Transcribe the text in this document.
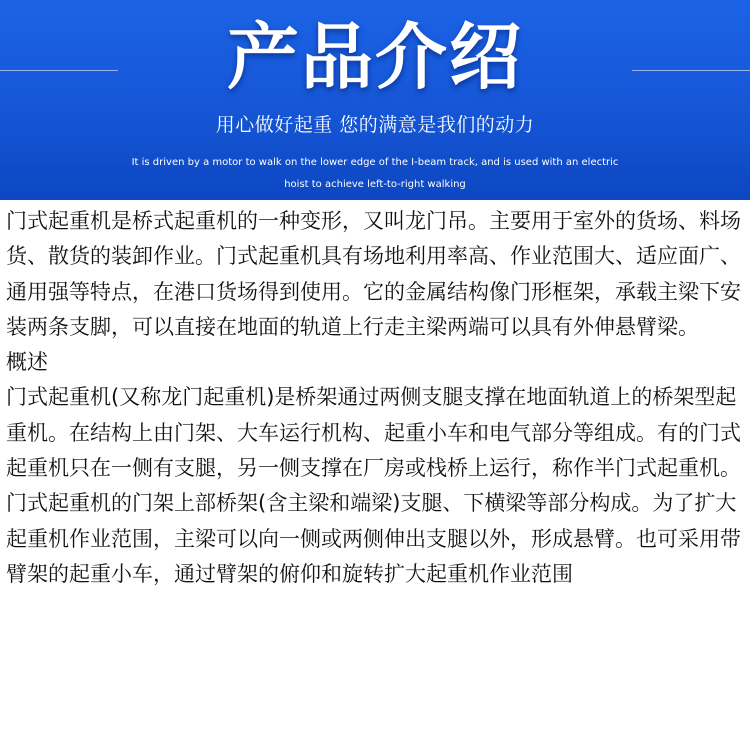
产品介绍
用心做好起重 您的满意是我们的动力
It is driven by a motor to walk on the lower edge of the I-beam track, and is used with an electric hoist to achieve left-to-right walking

门式起重机是桥式起重机的一种变形，又叫龙门吊。主要用于室外的货场、料场货、散货的装卸作业。门式起重机具有场地利用率高、作业范围大、适应面广、通用强等特点，在港口货场得到使用。它的金属结构像门形框架，承载主梁下安装两条支脚，可以直接在地面的轨道上行走主梁两端可以具有外伸悬臂梁。

概述

门式起重机(又称龙门起重机)是桥架通过两侧支腿支撑在地面轨道上的桥架型起重机。在结构上由门架、大车运行机构、起重小车和电气部分等组成。有的门式起重机只在一侧有支腿，另一侧支撑在厂房或栈桥上运行，称作半门式起重机。门式起重机的门架上部桥架(含主梁和端梁)支腿、下横梁等部分构成。为了扩大起重机作业范围，主梁可以向一侧或两侧伸出支腿以外，形成悬臂。也可采用带臂架的起重小车，通过臂架的俯仰和旋转扩大起重机作业范围
